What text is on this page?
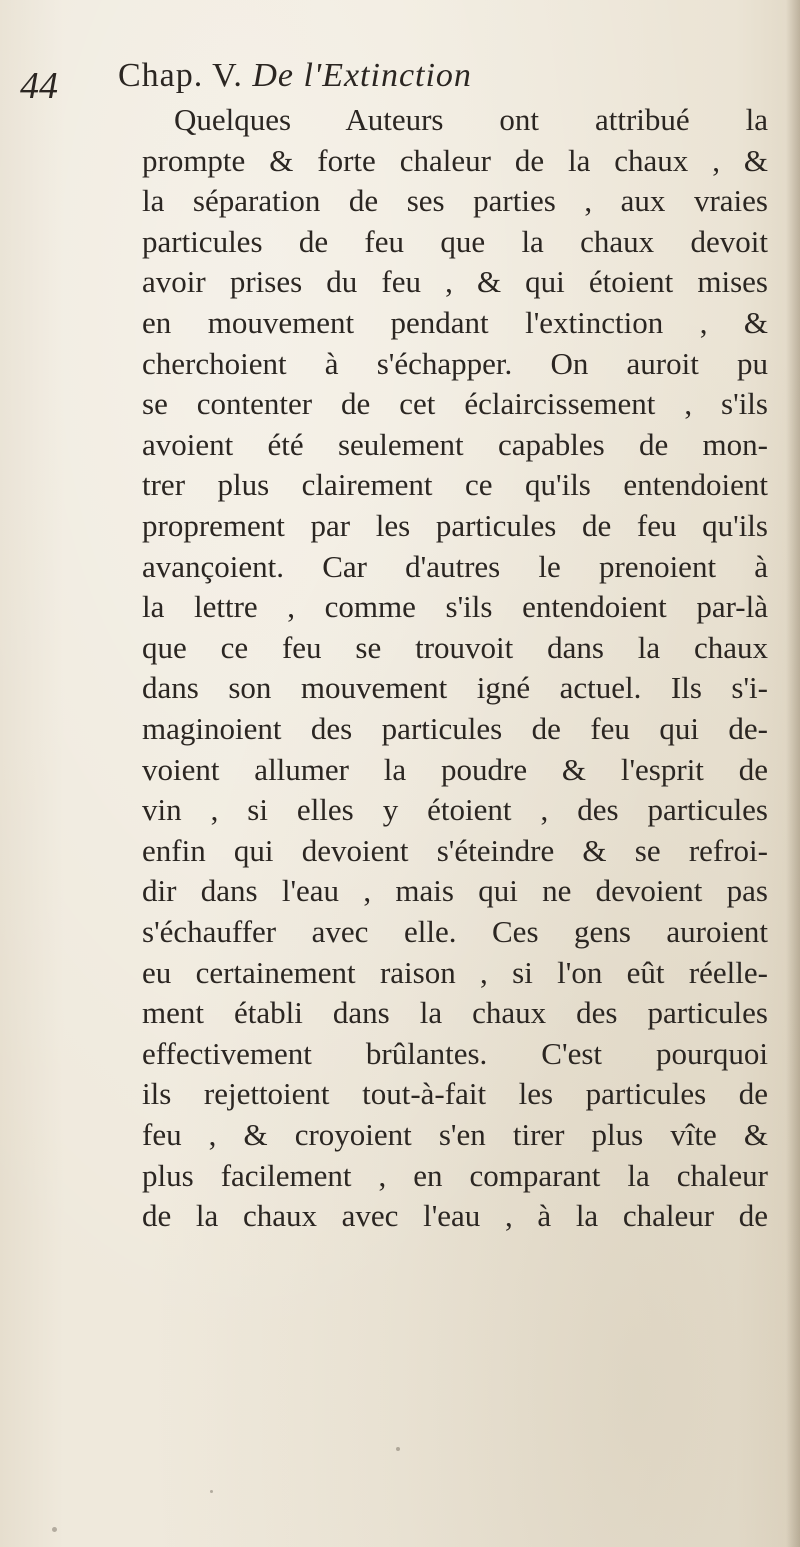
44 Chap. V. De l'Extinction
Quelques Auteurs ont attribué la
prompte & forte chaleur de la chaux , &
la séparation de ses parties , aux vraies
particules de feu que la chaux devoit
avoir prises du feu , & qui étoient mises
en mouvement pendant l'extinction , &
cherchoient à s'échapper. On auroit pu
se contenter de cet éclaircissement , s'ils
avoient été seulement capables de mon-
trer plus clairement ce qu'ils entendoient
proprement par les particules de feu qu'ils
avançoient. Car d'autres le prenoient à
la lettre , comme s'ils entendoient par-là
que ce feu se trouvoit dans la chaux
dans son mouvement igné actuel. Ils s'i-
maginoient des particules de feu qui de-
voient allumer la poudre & l'esprit de
vin , si elles y étoient , des particules
enfin qui devoient s'éteindre & se refroi-
dir dans l'eau , mais qui ne devoient pas
s'échauffer avec elle. Ces gens auroient
eu certainement raison , si l'on eût réelle-
ment établi dans la chaux des particules
effectivement brûlantes. C'est pourquoi
ils rejettoient tout-à-fait les particules de
feu , & croyoient s'en tirer plus vîte &
plus facilement , en comparant la chaleur
de la chaux avec l'eau , à la chaleur de
